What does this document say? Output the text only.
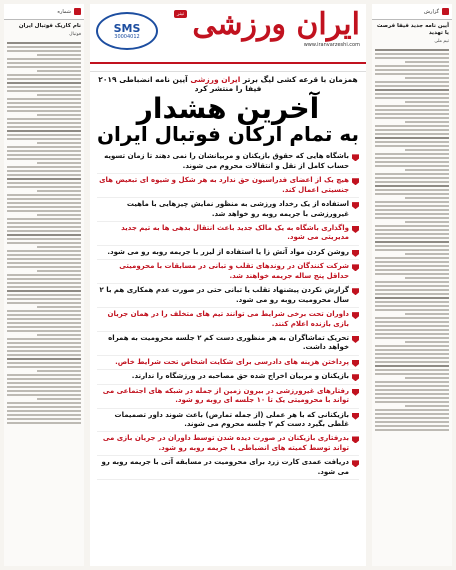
شماره
نام کاریک فوتبال ایران
فوتبال
گزارش
آیین نامه جدید فیفا فرصت یا تهدید
تیم ملی
SMS
30004012
تیتر ایران ورزشی
www.iranvarzeshi.com
همزمان با قرعه کشی لیگ برتر ایران ورزشی آیین نامه انضباطی ۲۰۱۹ فیفا را منتشر کرد
آخرین هشدار
به تمام ارکان فوتبال ایران

باشگاه هایی که حقوق بازیکنان و مربیانشان را نمی دهند تا زمان تسویه حساب کامل از نقل و انتقالات محروم می شوند.

هیچ یک از اعضای فدراسیون حق ندارد به هر شکل و شیوه ای تبعیض های جنسیتی اعمال کند.

استفاده از یک رخداد ورزشی به منظور نمایش چیزهایی با ماهیت غیرورزشی با جریمه روبه رو خواهد شد.

واگذاری باشگاه به یک مالک جدید باعث انتقال بدهی ها به تیم جدید مدیریتی می شود.

روشن کردن مواد آتش زا یا استفاده از لیزر با جریمه روبه رو می شود.

شرکت کنندگان در روندهای تقلب و تبانی در مسابقات با محرومیتی حداقل پنج ساله جریمه خواهند شد.

گزارش نکردن پیشنهاد تقلب یا تبانی حتی در صورت عدم همکاری هم با ۲ سال محرومیت روبه رو می شود.

داوران تحت برخی شرایط می توانند تیم های متخلف را در همان جریان بازی بازنده اعلام کنند.

تحریک تماشاگران به هر منظوری دست کم ۲ جلسه محرومیت به همراه خواهد داشت.

پرداختن هزینه های دادرسی برای شکایت اشخاص تحت شرایط خاص.

بازیکنان و مربیان اخراج شده حق مصاحبه در ورزشگاه را ندارند.

رفتارهای غیرورزشی در بیرون زمین از جمله در شبکه های اجتماعی می تواند با محرومیتی یک تا ۱۰ جلسه ای روبه رو شود.

بازیکنانی که با هر عملی (از جمله تمارض) باعث شوند داور تصمیمات غلطی بگیرد دست کم ۲ جلسه محروم می شوند.

بدرفتاری بازیکنان در صورت دیده شدن توسط داوران در جریان بازی می تواند توسط کمیته های انضباطی با جریمه روبه رو شود.

دریافت عمدی کارت زرد برای محرومیت در مسابقه آتی با جریمه روبه رو می شود.
